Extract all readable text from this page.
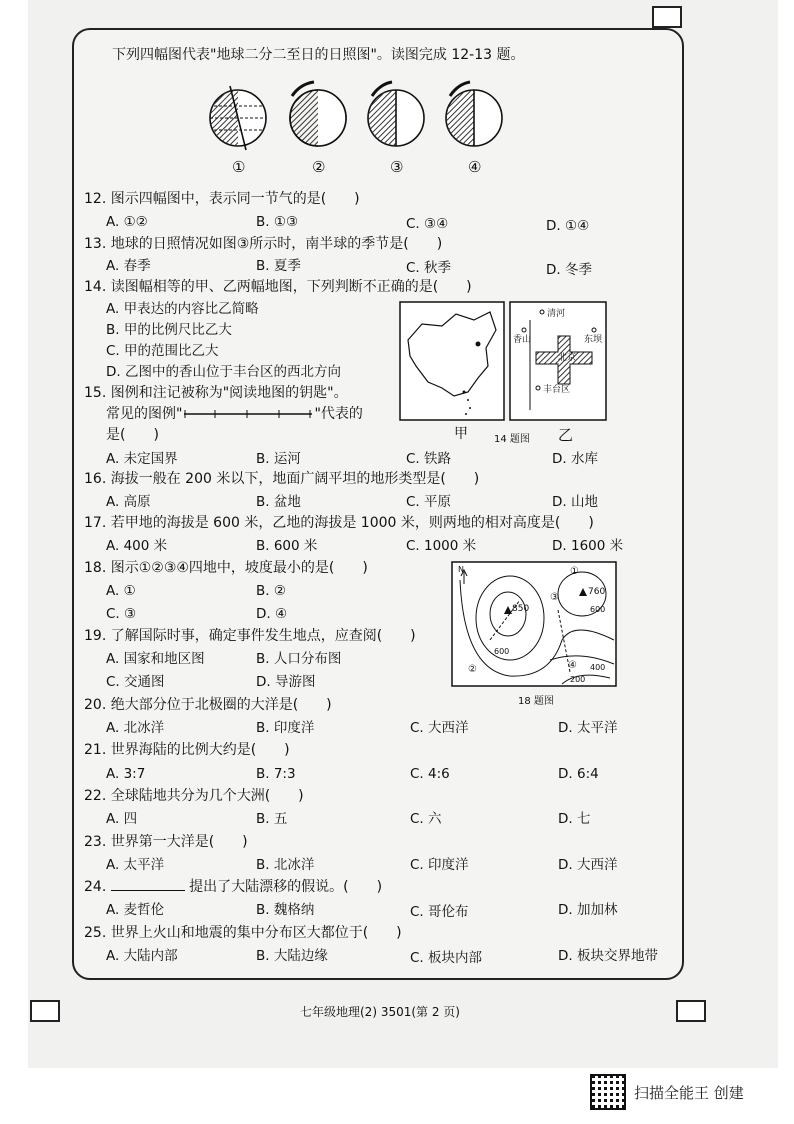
下列四幅图代表"地球二分二至日的日照图"。读图完成 12-13 题。
①	②	③	④
12. 图示四幅图中，表示同一节气的是(　　)
A. ①②	B. ①③	C. ③④	D. ①④
13. 地球的日照情况如图③所示时，南半球的季节是(　　)
A. 春季	B. 夏季	C. 秋季	D. 冬季
14. 读图幅相等的甲、乙两幅地图，下列判断不正确的是(　　)
A. 甲表达的内容比乙简略
B. 甲的比例尺比乙大
C. 甲的范围比乙大
D. 乙图中的香山位于丰台区的西北方向
清河
香山	东坝
北京
丰台区
甲	14 题图 乙
15. 图例和注记被称为"阅读地图的钥匙"。
常见的图例"	"代表的
是(　　)
A. 未定国界	B. 运河	C. 铁路	D. 水库
16. 海拔一般在 200 米以下，地面广阔平坦的地形类型是(　　)
A. 高原	B. 盆地	C. 平原	D. 山地
17. 若甲地的海拔是 600 米，乙地的海拔是 1000 米，则两地的相对高度是(　　)
A. 400 米	B. 600 米	C. 1000 米	D. 1600 米
18. 图示①②③④四地中，坡度最小的是(　　)
A. ①	B. ②
C. ③	D. ④
N
850
760
600
600
400
200
①
②
③
④
18 题图
19. 了解国际时事，确定事件发生地点，应查阅(　　)
A. 国家和地区图	B. 人口分布图
C. 交通图	D. 导游图
20. 绝大部分位于北极圈的大洋是(　　)
A. 北冰洋	B. 印度洋	C. 大西洋	D. 太平洋
21. 世界海陆的比例大约是(　　)
A. 3:7	B. 7:3	C. 4:6	D. 6:4
22. 全球陆地共分为几个大洲(　　)
A. 四	B. 五	C. 六	D. 七
23. 世界第一大洋是(　　)
A. 太平洋	B. 北冰洋	C. 印度洋	D. 大西洋
24.	提出了大陆漂移的假说。(　　)
A. 麦哲伦	B. 魏格纳	C. 哥伦布	D. 加加林
25. 世界上火山和地震的集中分布区大都位于(　　)
A. 大陆内部	B. 大陆边缘	C. 板块内部	D. 板块交界地带
七年级地理(2) 3501(第 2 页)
扫描全能王 创建
